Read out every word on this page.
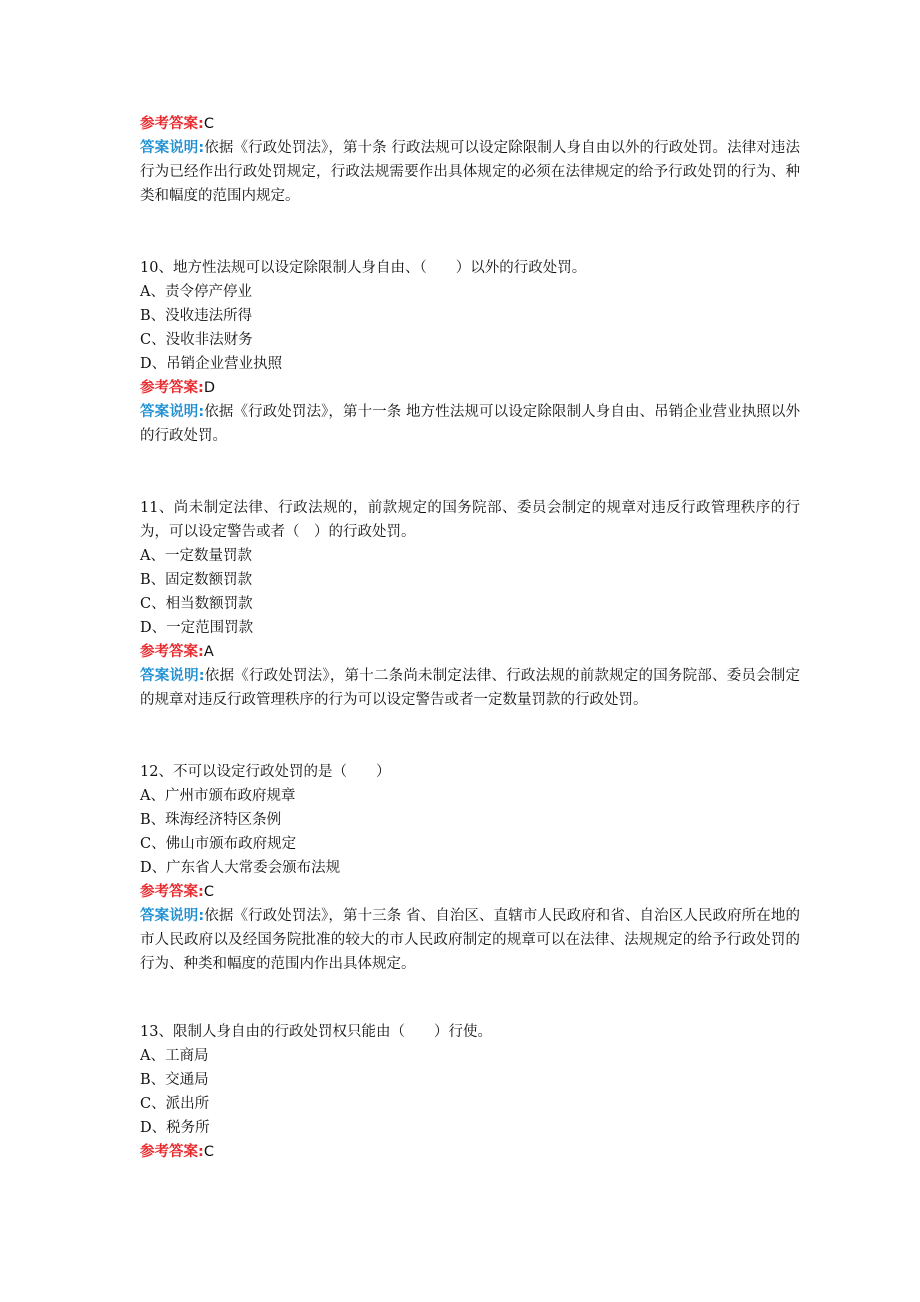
参考答案:C
答案说明:依据《行政处罚法》，第十条 行政法规可以设定除限制人身自由以外的行政处罚。法律对违法行为已经作出行政处罚规定，行政法规需要作出具体规定的必须在法律规定的给予行政处罚的行为、种类和幅度的范围内规定。
10、地方性法规可以设定除限制人身自由、（　　）以外的行政处罚。
A、责令停产停业
B、没收违法所得
C、没收非法财务
D、吊销企业营业执照
参考答案:D
答案说明:依据《行政处罚法》，第十一条 地方性法规可以设定除限制人身自由、吊销企业营业执照以外的行政处罚。
11、尚未制定法律、行政法规的，前款规定的国务院部、委员会制定的规章对违反行政管理秩序的行为，可以设定警告或者（　）的行政处罚。
A、一定数量罚款
B、固定数额罚款
C、相当数额罚款
D、一定范围罚款
参考答案:A
答案说明:依据《行政处罚法》，第十二条尚未制定法律、行政法规的前款规定的国务院部、委员会制定的规章对违反行政管理秩序的行为可以设定警告或者一定数量罚款的行政处罚。
12、不可以设定行政处罚的是（　　）
A、广州市颁布政府规章
B、珠海经济特区条例
C、佛山市颁布政府规定
D、广东省人大常委会颁布法规
参考答案:C
答案说明:依据《行政处罚法》，第十三条 省、自治区、直辖市人民政府和省、自治区人民政府所在地的市人民政府以及经国务院批准的较大的市人民政府制定的规章可以在法律、法规规定的给予行政处罚的行为、种类和幅度的范围内作出具体规定。
13、限制人身自由的行政处罚权只能由（　　）行使。
A、工商局
B、交通局
C、派出所
D、税务所
参考答案:C
